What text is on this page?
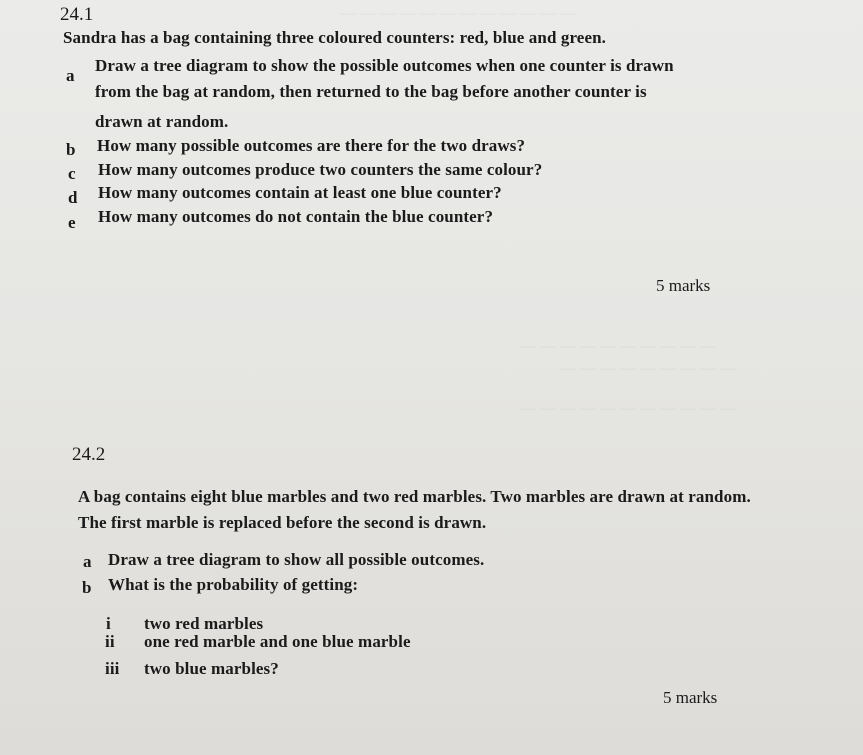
— — — — — — — — — — — —
— — — — — — — — — —
— — — — — — — — —
— — — — — — — — — — —
24.1
Sandra has a bag containing three coloured counters: red, blue and green.
a
Draw a tree diagram to show the possible outcomes when one counter is drawn
from the bag at random, then returned to the bag before another counter is
drawn at random.
b How many possible outcomes are there for the two draws?
c How many outcomes produce two counters the same colour?
d How many outcomes contain at least one blue counter?
e How many outcomes do not contain the blue counter?
5 marks
24.2
A bag contains eight blue marbles and two red marbles. Two marbles are drawn at random.
The first marble is replaced before the second is drawn.
a Draw a tree diagram to show all possible outcomes.
b What is the probability of getting:
i two red marbles
ii one red marble and one blue marble
iii two blue marbles?
5 marks
